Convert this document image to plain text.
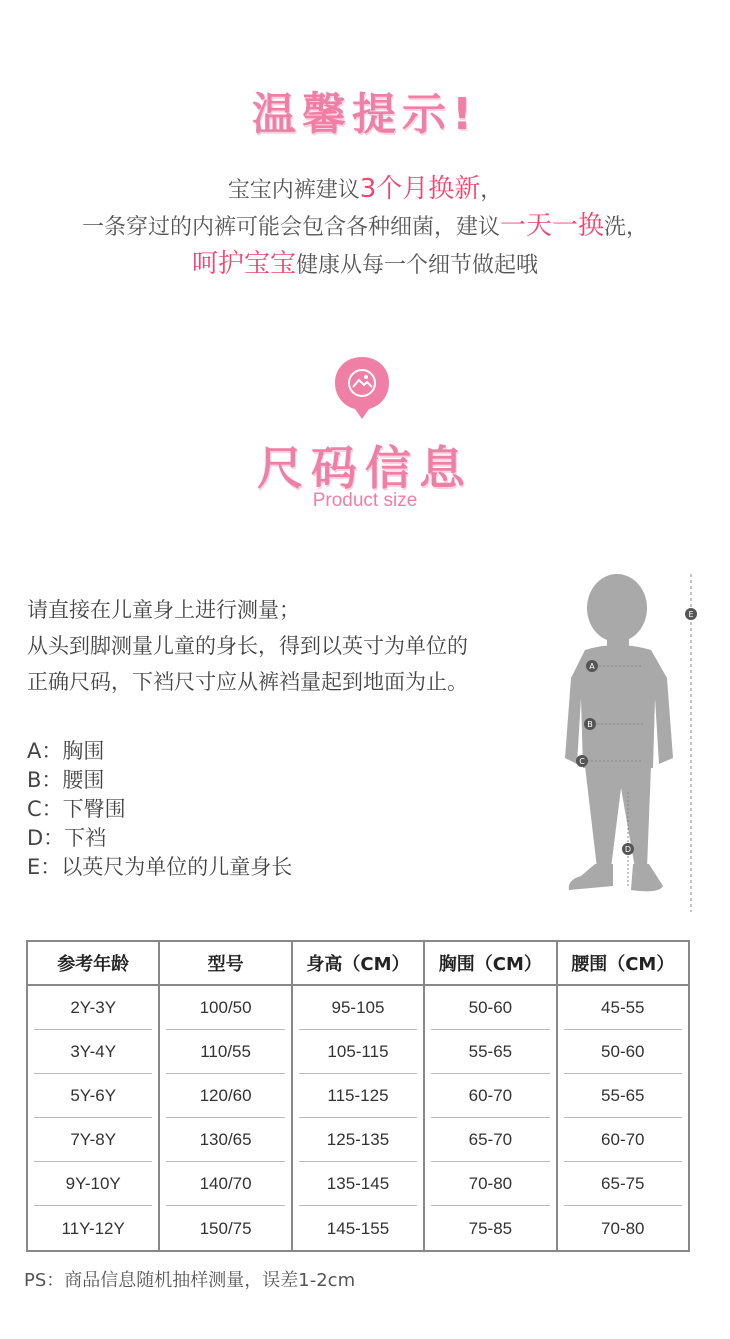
温馨提示!
宝宝内裤建议3个月换新，
一条穿过的内裤可能会包含各种细菌，建议一天一换洗，
呵护宝宝健康从每一个细节做起哦
尺码信息
Product size
请直接在儿童身上进行测量；
从头到脚测量儿童的身长，得到以英寸为单位的
正确尺码，下裆尺寸应从裤裆量起到地面为止。
A：胸围
B：腰围
C：下臀围
D：下裆
E：以英尺为单位的儿童身长
A
B
C
D
E
参考年龄	型号	身高（CM）	胸围（CM）	腰围（CM）

2Y-3Y	100/50	95-105	50-60	45-55

3Y-4Y	110/55	105-115	55-65	50-60

5Y-6Y	120/60	115-125	60-70	55-65

7Y-8Y	130/65	125-135	65-70	60-70

9Y-10Y	140/70	135-145	70-80	65-75

11Y-12Y	150/75	145-155	75-85	70-80
PS：商品信息随机抽样测量，误差1-2cm
